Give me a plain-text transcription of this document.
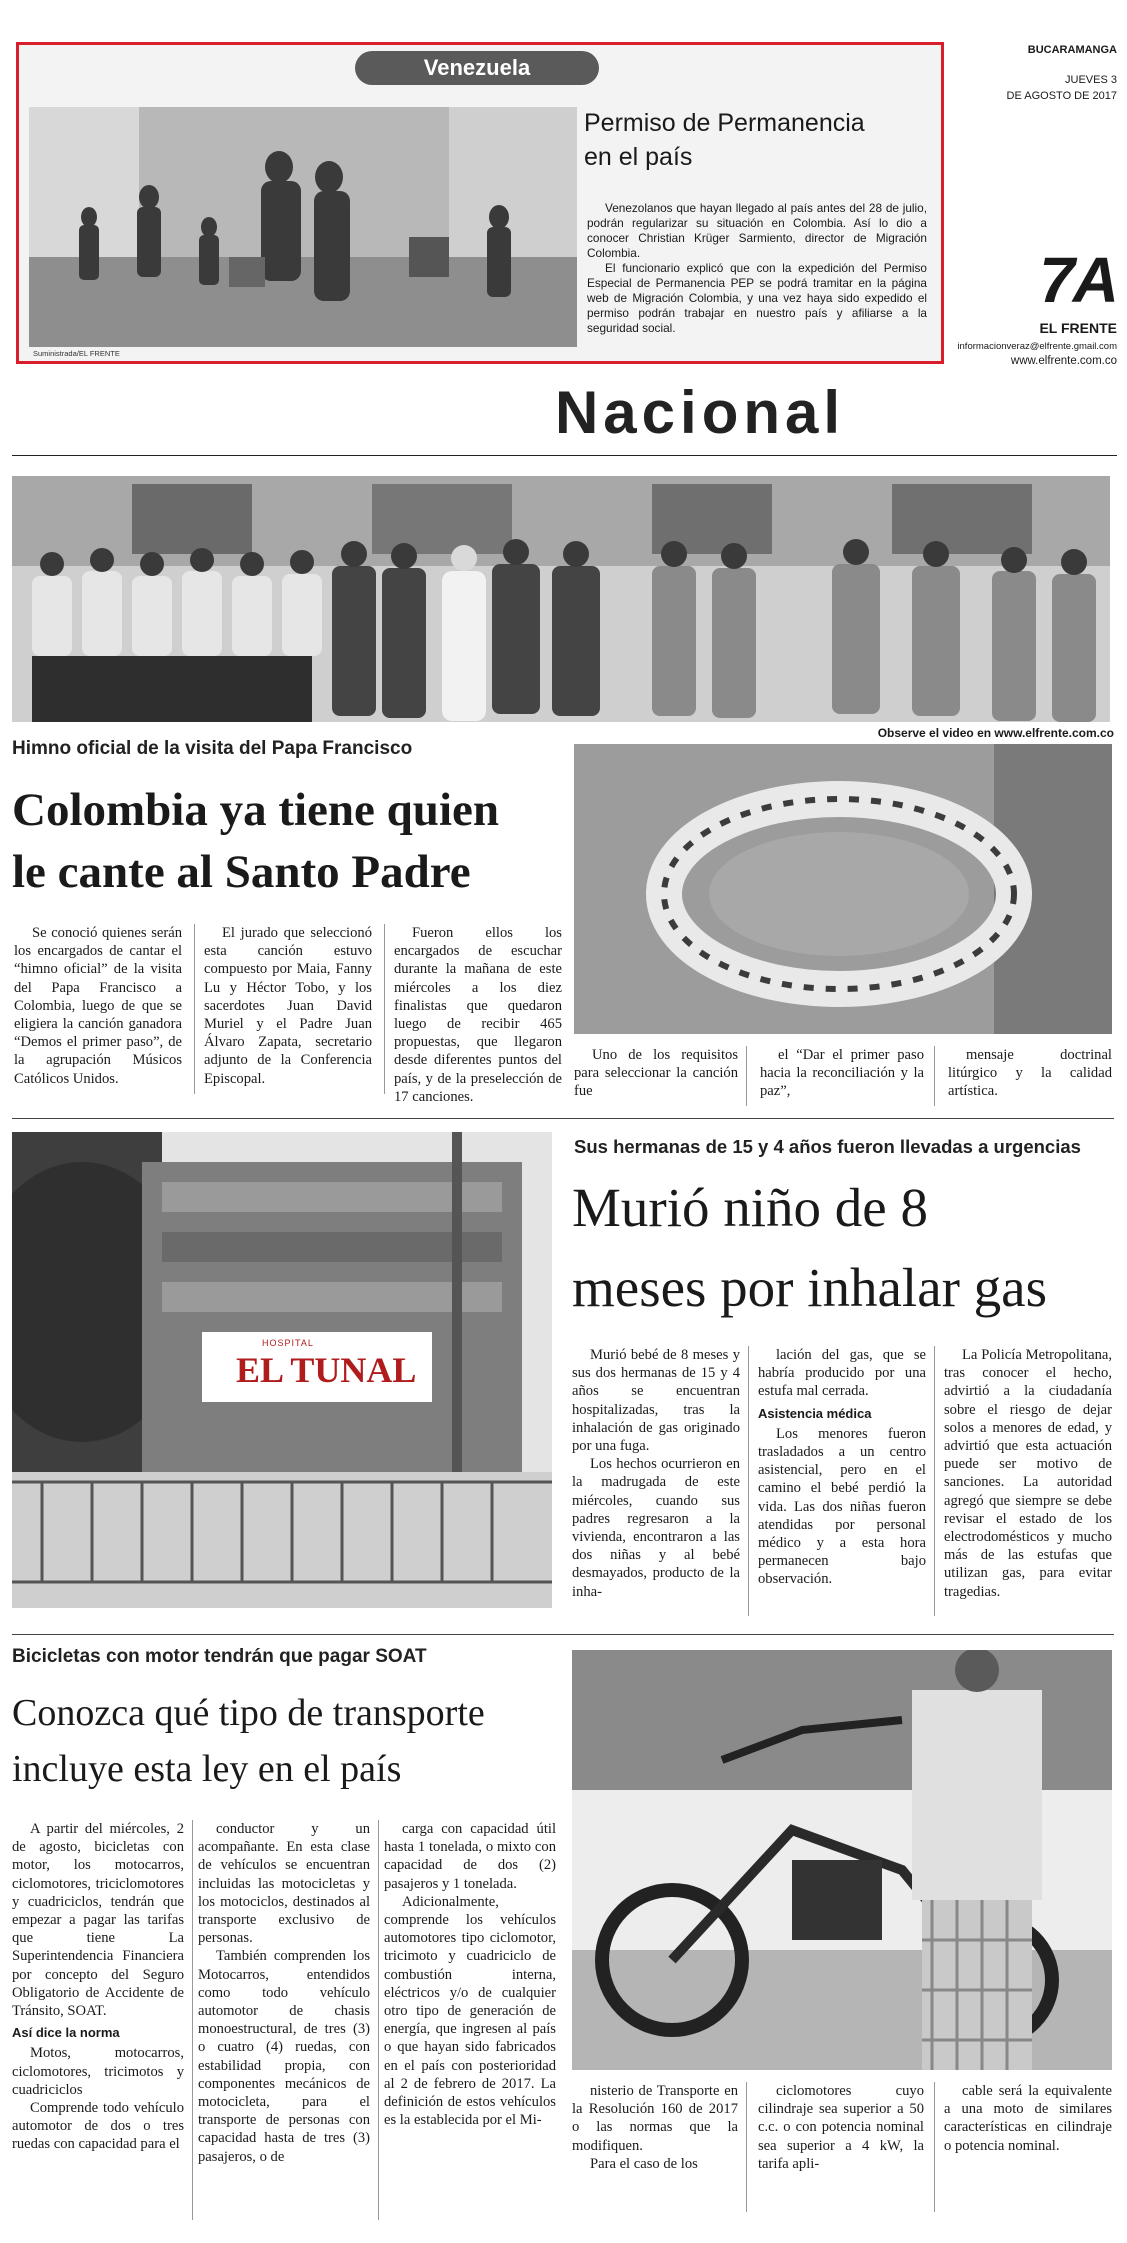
BUCARAMANGA
JUEVES 3
DE AGOSTO DE 2017
7A
EL FRENTE
informacionveraz@elfrente.gmail.com
www.elfrente.com.co
Suministrada/EL FRENTE
Venezuela
Permiso de Permanencia
en el país

Venezolanos que hayan llegado al país antes del 28 de julio, podrán regularizar su situación en Colombia. Así lo dio a conocer Christian Krüger Sarmiento, director de Migración Colombia.

El funcionario explicó que con la expedición del Permiso Especial de Permanencia PEP se podrá tramitar en la página web de Migración Colombia, y una vez haya sido expedido el permiso podrán trabajar en nuestro país y afiliarse a la seguridad social.

Nacional
Observe el video en www.elfrente.com.co
Himno oficial de la visita del Papa Francisco
Colombia ya tiene quien
le cante al Santo Padre

Se conoció quienes serán los encargados de cantar el “himno oficial” de la visita del Papa Francisco a Colombia, luego de que se eligiera la canción ganadora “Demos el primer paso”, de la agrupación Músicos Católicos Unidos.

El jurado que seleccionó esta canción estuvo compuesto por Maia, Fanny Lu y Héctor Tobo, y los sacerdotes Juan David Muriel y el Padre Juan Álvaro Zapata, secretario adjunto de la Conferencia Episcopal.

Fueron ellos los encargados de escuchar durante la mañana de este miércoles a los diez finalistas que quedaron luego de recibir 465 propuestas, que llegaron desde diferentes puntos del país, y de la preselección de 17 canciones.

Uno de los requisitos para seleccionar la canción fue

el “Dar el primer paso hacia la reconciliación y la paz”,

mensaje doctrinal litúrgico y la calidad artística.

HOSPITAL
EL TUNAL
Sus hermanas de 15 y 4 años fueron llevadas a urgencias
Murió niño de 8
meses por inhalar gas

Murió bebé de 8 meses y sus dos hermanas de 15 y 4 años se encuentran hospitalizadas, tras la inhalación de gas originado por una fuga.

Los hechos ocurrieron en la madrugada de este miércoles, cuando sus padres regresaron a la vivienda, encontraron a las dos niñas y al bebé desmayados, producto de la inha-

lación del gas, que se habría producido por una estufa mal cerrada.

Asistencia médica

Los menores fueron trasladados a un centro asistencial, pero en el camino el bebé perdió la vida. Las dos niñas fueron atendidas por personal médico y a esta hora permanecen bajo observación.

La Policía Metropolitana, tras conocer el hecho, advirtió a la ciudadanía sobre el riesgo de dejar solos a menores de edad, y advirtió que esta actuación puede ser motivo de sanciones. La autoridad agregó que siempre se debe revisar el estado de los electrodomésticos y mucho más de las estufas que utilizan gas, para evitar tragedias.

Bicicletas con motor tendrán que pagar SOAT
Conozca qué tipo de transporte
incluye esta ley en el país

A partir del miércoles, 2 de agosto, bicicletas con motor, los motocarros, ciclomotores, triciclomotores y cuadriciclos, tendrán que empezar a pagar las tarifas que tiene La Superintendencia Financiera por concepto del Seguro Obligatorio de Accidente de Tránsito, SOAT.

Así dice la norma

Motos, motocarros, ciclomotores, tricimotos y cuadriciclos

Comprende todo vehículo automotor de dos o tres ruedas con capacidad para el

conductor y un acompañante. En esta clase de vehículos se encuentran incluidas las motocicletas y los motociclos, destinados al transporte exclusivo de personas.

También comprenden los Motocarros, entendidos como todo vehículo automotor de chasis monoestructural, de tres (3) o cuatro (4) ruedas, con estabilidad propia, con componentes mecánicos de motocicleta, para el transporte de personas con capacidad hasta de tres (3) pasajeros, o de

carga con capacidad útil hasta 1 tonelada, o mixto con capacidad de dos (2) pasajeros y 1 tonelada.

Adicionalmente, comprende los vehículos automotores tipo ciclomotor, tricimoto y cuadriciclo de combustión interna, eléctricos y/o de cualquier otro tipo de generación de energía, que ingresen al país o que hayan sido fabricados en el país con posterioridad al 2 de febrero de 2017. La definición de estos vehículos es la establecida por el Mi-

nisterio de Transporte en la Resolución 160 de 2017 o las normas que la modifiquen.

Para el caso de los

ciclomotores cuyo cilindraje sea superior a 50 c.c. o con potencia nominal sea superior a 4 kW, la tarifa apli-

cable será la equivalente a una moto de similares características en cilindraje o potencia nominal.
